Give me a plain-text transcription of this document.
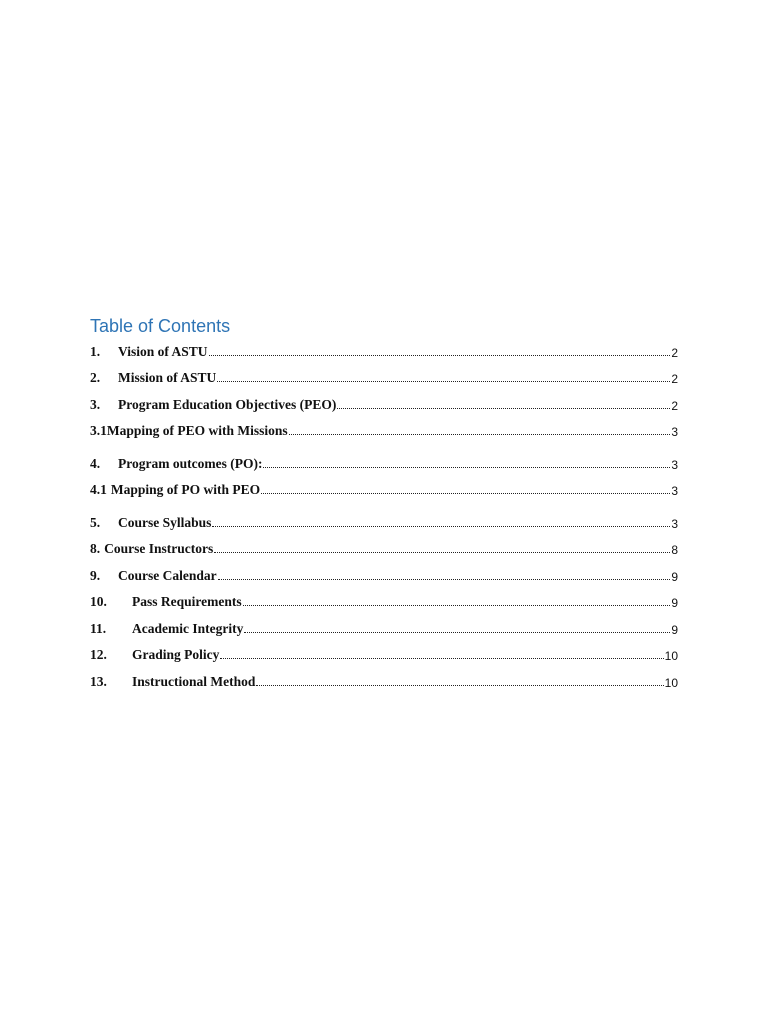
Table of Contents
1.	Vision of ASTU	2
2.	Mission of ASTU	2
3.	Program Education Objectives (PEO)	2
3.1 Mapping of PEO with Missions	3
4.	Program outcomes (PO):	3
4.1 Mapping of PO with PEO	3
5.	Course Syllabus	3
8. Course Instructors	8
9.	Course Calendar	9
10.	Pass Requirements	9
11.	Academic Integrity	9
12.	Grading Policy	10
13.	Instructional Method	10
